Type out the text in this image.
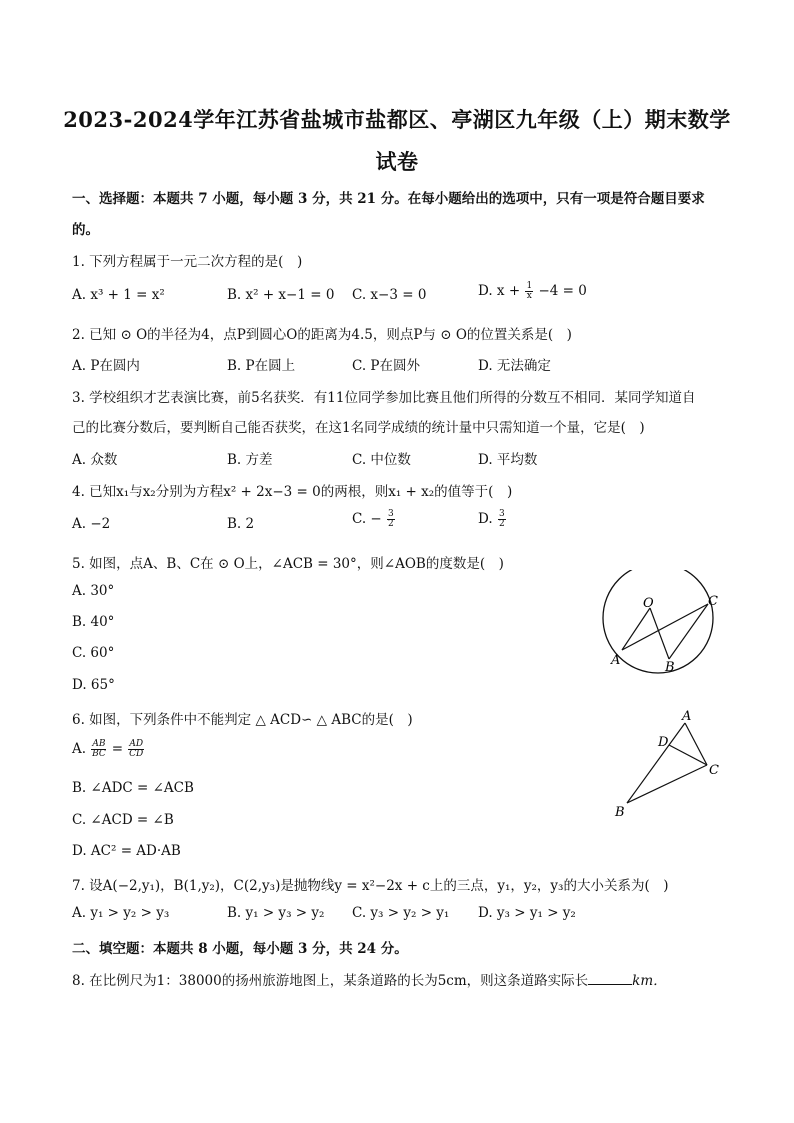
2023-2024学年江苏省盐城市盐都区、亭湖区九年级（上）期末数学
试卷
一、选择题：本题共 7 小题，每小题 3 分，共 21 分。在每小题给出的选项中，只有一项是符合题目要求
的。
1. 下列方程属于一元二次方程的是(　)
A. x³ + 1 = x²	B. x² + x−1 = 0 C. x−3 = 0	D. $x + \frac{1}{x} -4 = 0$
2. 已知 ⊙ O的半径为4，点P到圆心O的距离为4.5，则点P与 ⊙ O的位置关系是(　)
A. P在圆内	B. P在圆上	C. P在圆外	D. 无法确定
3. 学校组织才艺表演比赛，前5名获奖．有11位同学参加比赛且他们所得的分数互不相同．某同学知道自
己的比赛分数后，要判断自己能否获奖，在这1名同学成绩的统计量中只需知道一个量，它是(　)
A. 众数	B. 方差	C. 中位数	D. 平均数
4. 已知x₁与x₂分别为方程x² + 2x−3 = 0的两根，则x₁ + x₂的值等于(　)
A. −2	B. 2	C. − $\frac{3}{2}$	D. $\frac{3}{2}$
5. 如图，点A、B、C在 ⊙ O上，∠ACB = 30°，则∠AOB的度数是(　)
A. 30°
B. 40°
C. 60°
D. 65°
O	C
A	B
6. 如图，下列条件中不能判定 △ ACD∽ △ ABC的是(　)
A. $\frac{AB}{BC} = \frac{AD}{CD}$
B. ∠ADC = ∠ACB
C. ∠ACD = ∠B
D. AC² = AD·AB
A
D
C
B
7. 设A(−2,y₁)，B(1,y₂)，C(2,y₃)是抛物线y = x²−2x + c上的三点，y₁，y₂，y₃的大小关系为(　)
A. y₁ > y₂ > y₃	B. y₁ > y₃ > y₂ C. y₃ > y₂ > y₁ D. y₃ > y₁ > y₂
二、填空题：本题共 8 小题，每小题 3 分，共 24 分。
8. 在比例尺为1：38000的扬州旅游地图上，某条道路的长为5cm，则这条道路实际长	km．
